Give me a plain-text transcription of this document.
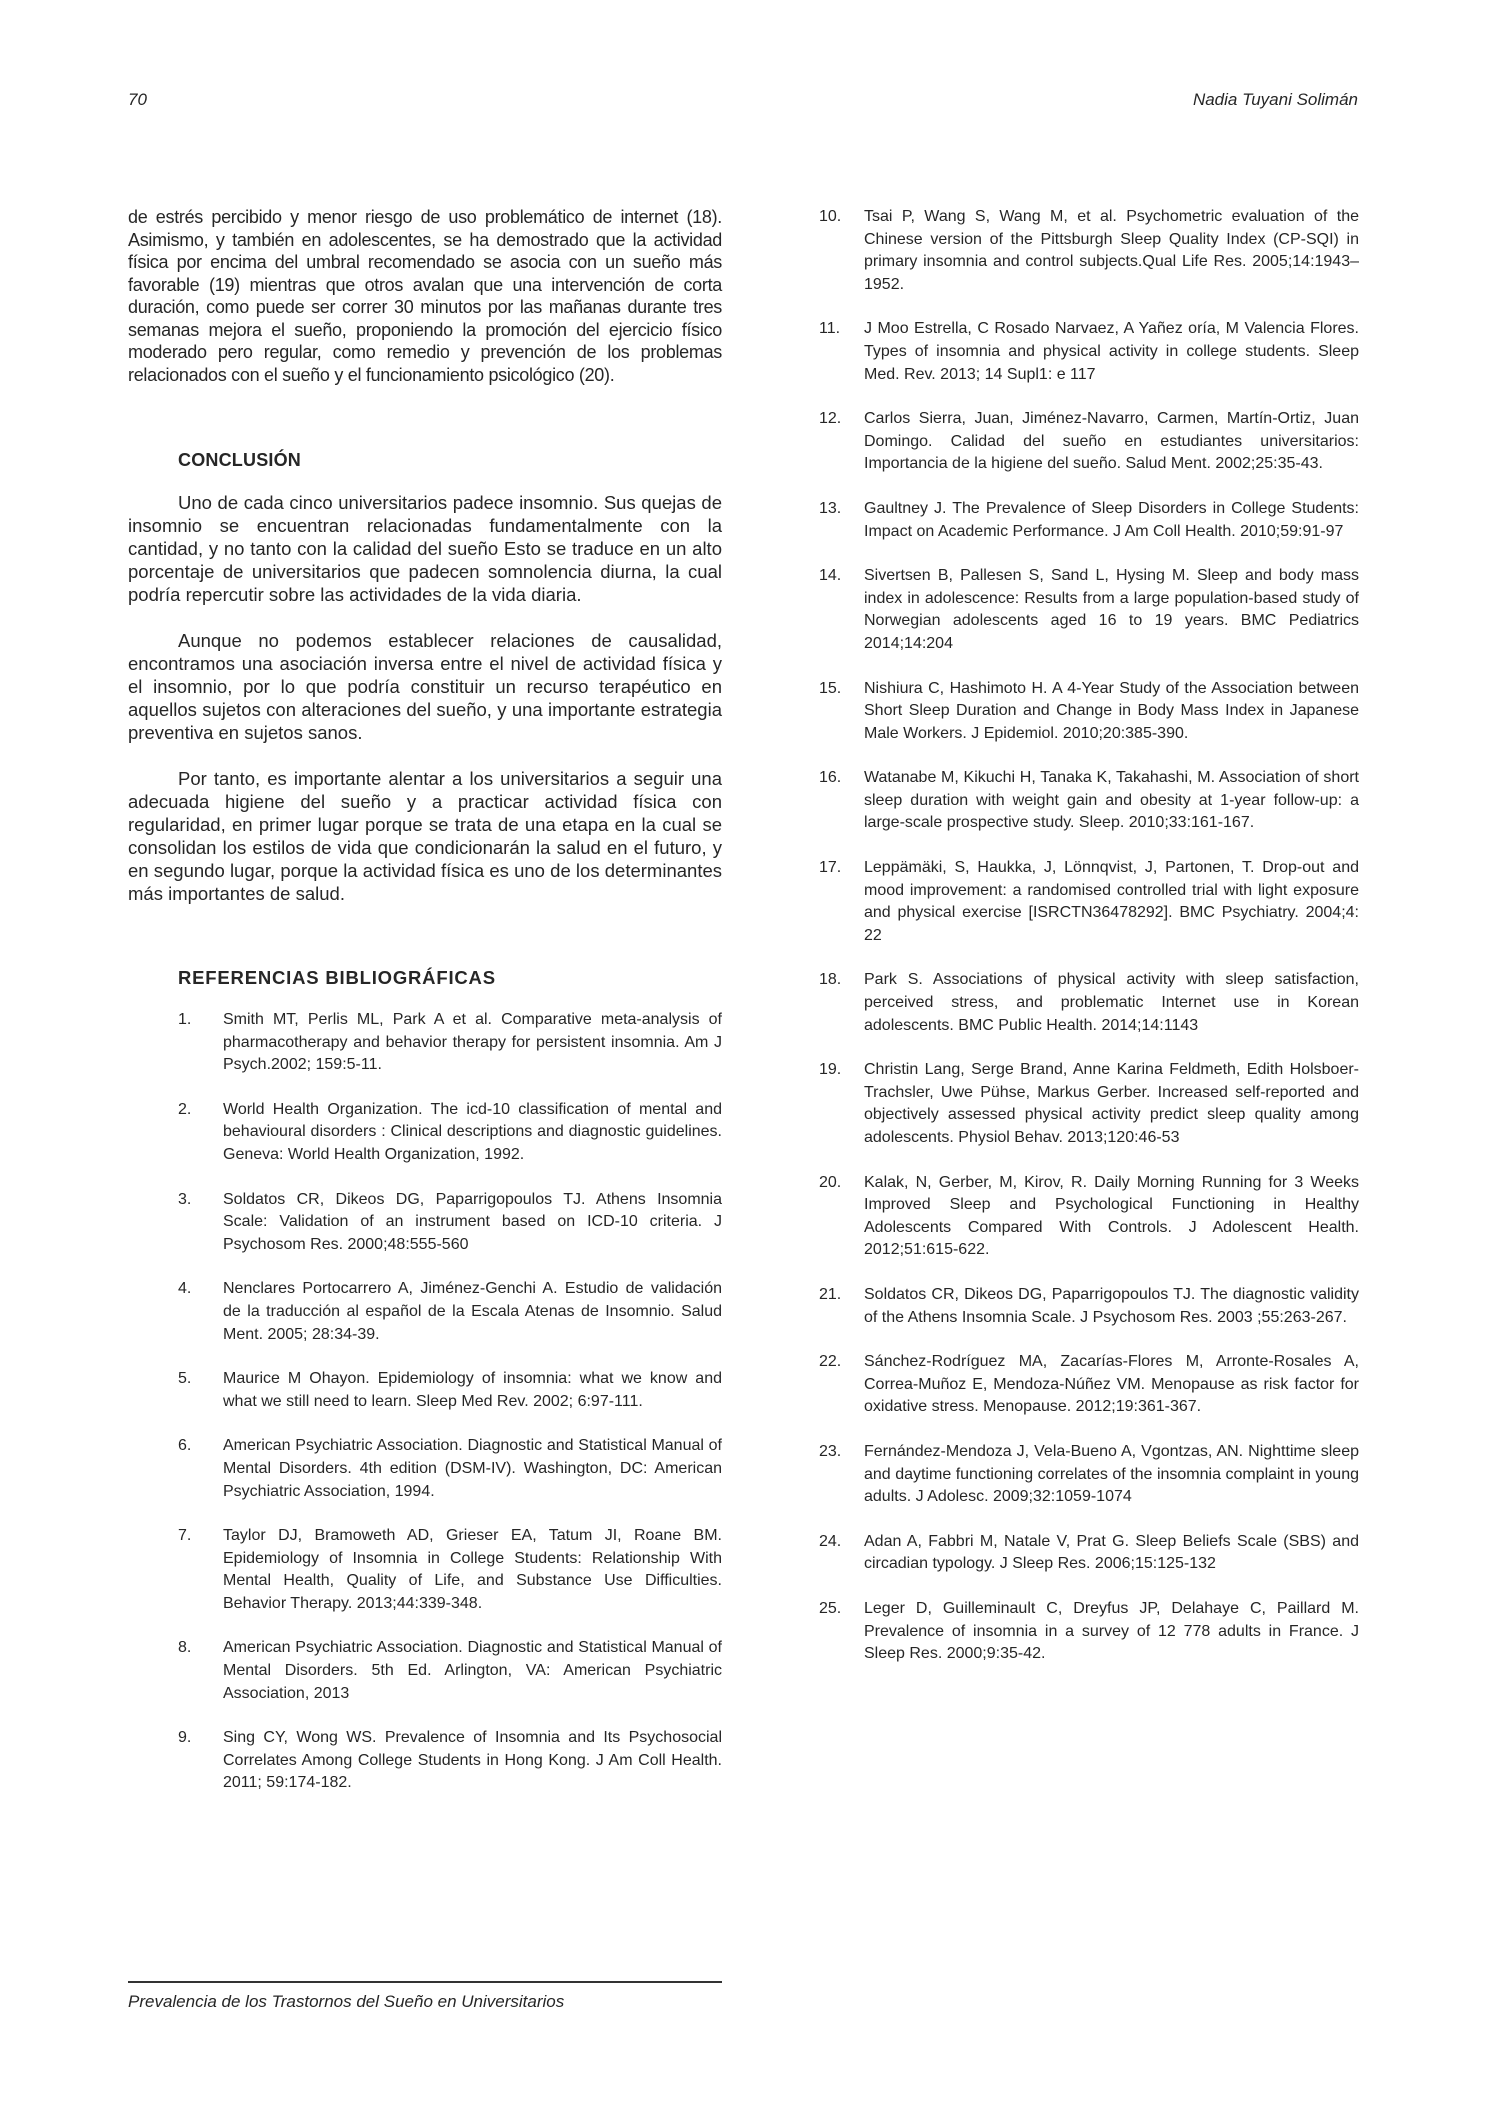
70	Nadia Tuyani Solimán

de estrés percibido y menor riesgo de uso problemático de internet (18). Asimismo, y también en adolescentes, se ha demostrado que la actividad física por encima del umbral recomendado se asocia con un sueño más favorable (19) mientras que otros avalan que una intervención de corta duración, como puede ser correr 30 minutos por las mañanas durante tres semanas mejora el sueño, proponiendo la promoción del ejercicio físico moderado pero regular, como remedio y prevención de los problemas relacionados con el sueño y el funcionamiento psicológico (20).

CONCLUSIÓN

Uno de cada cinco universitarios padece insomnio. Sus quejas de insomnio se encuentran relacionadas fundamentalmente con la cantidad, y no tanto con la calidad del sueño Esto se traduce en un alto porcentaje de universitarios que padecen somnolencia diurna, la cual podría repercutir sobre las actividades de la vida diaria.

Aunque no podemos establecer relaciones de causalidad, encontramos una asociación inversa entre el nivel de actividad física y el insomnio, por lo que podría constituir un recurso terapéutico en aquellos sujetos con alteraciones del sueño, y una importante estrategia preventiva en sujetos sanos.

Por tanto, es importante alentar a los universitarios a seguir una adecuada higiene del sueño y a practicar actividad física con regularidad, en primer lugar porque se trata de una etapa en la cual se consolidan los estilos de vida que condicionarán la salud en el futuro, y en segundo lugar, porque la actividad física es uno de los determinantes más importantes de salud.

REFERENCIAS BIBLIOGRÁFICAS
1.	Smith MT, Perlis ML, Park A et al. Comparative meta-analysis of pharmacotherapy and behavior therapy for persistent insomnia. Am J Psych.2002; 159:5-11.
2.	World Health Organization. The icd-10 classification of mental and behavioural disorders : Clinical descriptions and diagnostic guidelines. Geneva: World Health Organization, 1992.
3.	Soldatos CR, Dikeos DG, Paparrigopoulos TJ. Athens Insomnia Scale: Validation of an instrument based on ICD-10 criteria. J Psychosom Res. 2000;48:555-560
4.	Nenclares Portocarrero A, Jiménez-Genchi A. Estudio de validación de la traducción al español de la Escala Atenas de Insomnio. Salud Ment. 2005; 28:34-39.
5.	Maurice M Ohayon. Epidemiology of insomnia: what we know and what we still need to learn. Sleep Med Rev. 2002; 6:97-111.
6.	American Psychiatric Association. Diagnostic and Statistical Manual of Mental Disorders. 4th edition (DSM-IV). Washington, DC: American Psychiatric Association, 1994.
7.	Taylor DJ, Bramoweth AD, Grieser EA, Tatum JI, Roane BM. Epidemiology of Insomnia in College Students: Relationship With Mental Health, Quality of Life, and Substance Use Difficulties. Behavior Therapy. 2013;44:339-348.
8.	American Psychiatric Association. Diagnostic and Statistical Manual of Mental Disorders. 5th Ed. Arlington, VA: American Psychiatric Association, 2013
9.	Sing CY, Wong WS. Prevalence of Insomnia and Its Psychosocial Correlates Among College Students in Hong Kong. J Am Coll Health. 2011; 59:174-182.
10.	Tsai P, Wang S, Wang M, et al. Psychometric evaluation of the Chinese version of the Pittsburgh Sleep Quality Index (CP-SQI) in primary insomnia and control subjects.Qual Life Res. 2005;14:1943–1952.
11.	J Moo Estrella, C Rosado Narvaez, A Yañez oría, M Valencia Flores. Types of insomnia and physical activity in college students. Sleep Med. Rev. 2013; 14 Supl1: e 117
12.	Carlos Sierra, Juan, Jiménez-Navarro, Carmen, Martín-Ortiz, Juan Domingo. Calidad del sueño en estudiantes universitarios: Importancia de la higiene del sueño. Salud Ment. 2002;25:35-43.
13.	Gaultney J. The Prevalence of Sleep Disorders in College Students: Impact on Academic Performance. J Am Coll Health. 2010;59:91-97
14.	Sivertsen B, Pallesen S, Sand L, Hysing M. Sleep and body mass index in adolescence: Results from a large population-based study of Norwegian adolescents aged 16 to 19 years. BMC Pediatrics 2014;14:204
15.	Nishiura C, Hashimoto H. A 4-Year Study of the Association between Short Sleep Duration and Change in Body Mass Index in Japanese Male Workers. J Epidemiol. 2010;20:385-390.
16.	Watanabe M, Kikuchi H, Tanaka K, Takahashi, M. Association of short sleep duration with weight gain and obesity at 1-year follow-up: a large-scale prospective study. Sleep. 2010;33:161-167.
17.	Leppämäki, S, Haukka, J, Lönnqvist, J, Partonen, T. Drop-out and mood improvement: a randomised controlled trial with light exposure and physical exercise [ISRCTN36478292]. BMC Psychiatry. 2004;4: 22
18.	Park S. Associations of physical activity with sleep satisfaction, perceived stress, and problematic Internet use in Korean adolescents. BMC Public Health. 2014;14:1143
19.	Christin Lang, Serge Brand, Anne Karina Feldmeth, Edith Holsboer-Trachsler, Uwe Pühse, Markus Gerber. Increased self-reported and objectively assessed physical activity predict sleep quality among adolescents. Physiol Behav. 2013;120:46-53
20.	Kalak, N, Gerber, M, Kirov, R. Daily Morning Running for 3 Weeks Improved Sleep and Psychological Functioning in Healthy Adolescents Compared With Controls. J Adolescent Health. 2012;51:615-622.
21.	Soldatos CR, Dikeos DG, Paparrigopoulos TJ. The diagnostic validity of the Athens Insomnia Scale. J Psychosom Res. 2003 ;55:263-267.
22.	Sánchez-Rodríguez MA, Zacarías-Flores M, Arronte-Rosales A, Correa-Muñoz E, Mendoza-Núñez VM. Menopause as risk factor for oxidative stress. Menopause. 2012;19:361-367.
23.	Fernández-Mendoza J, Vela-Bueno A, Vgontzas, AN. Nighttime sleep and daytime functioning correlates of the insomnia complaint in young adults. J Adolesc. 2009;32:1059-1074
24.	Adan A, Fabbri M, Natale V, Prat G. Sleep Beliefs Scale (SBS) and circadian typology. J Sleep Res. 2006;15:125-132
25.	Leger D, Guilleminault C, Dreyfus JP, Delahaye C, Paillard M. Prevalence of insomnia in a survey of 12 778 adults in France. J Sleep Res. 2000;9:35-42.
Prevalencia de los Trastornos del Sueño en Universitarios
